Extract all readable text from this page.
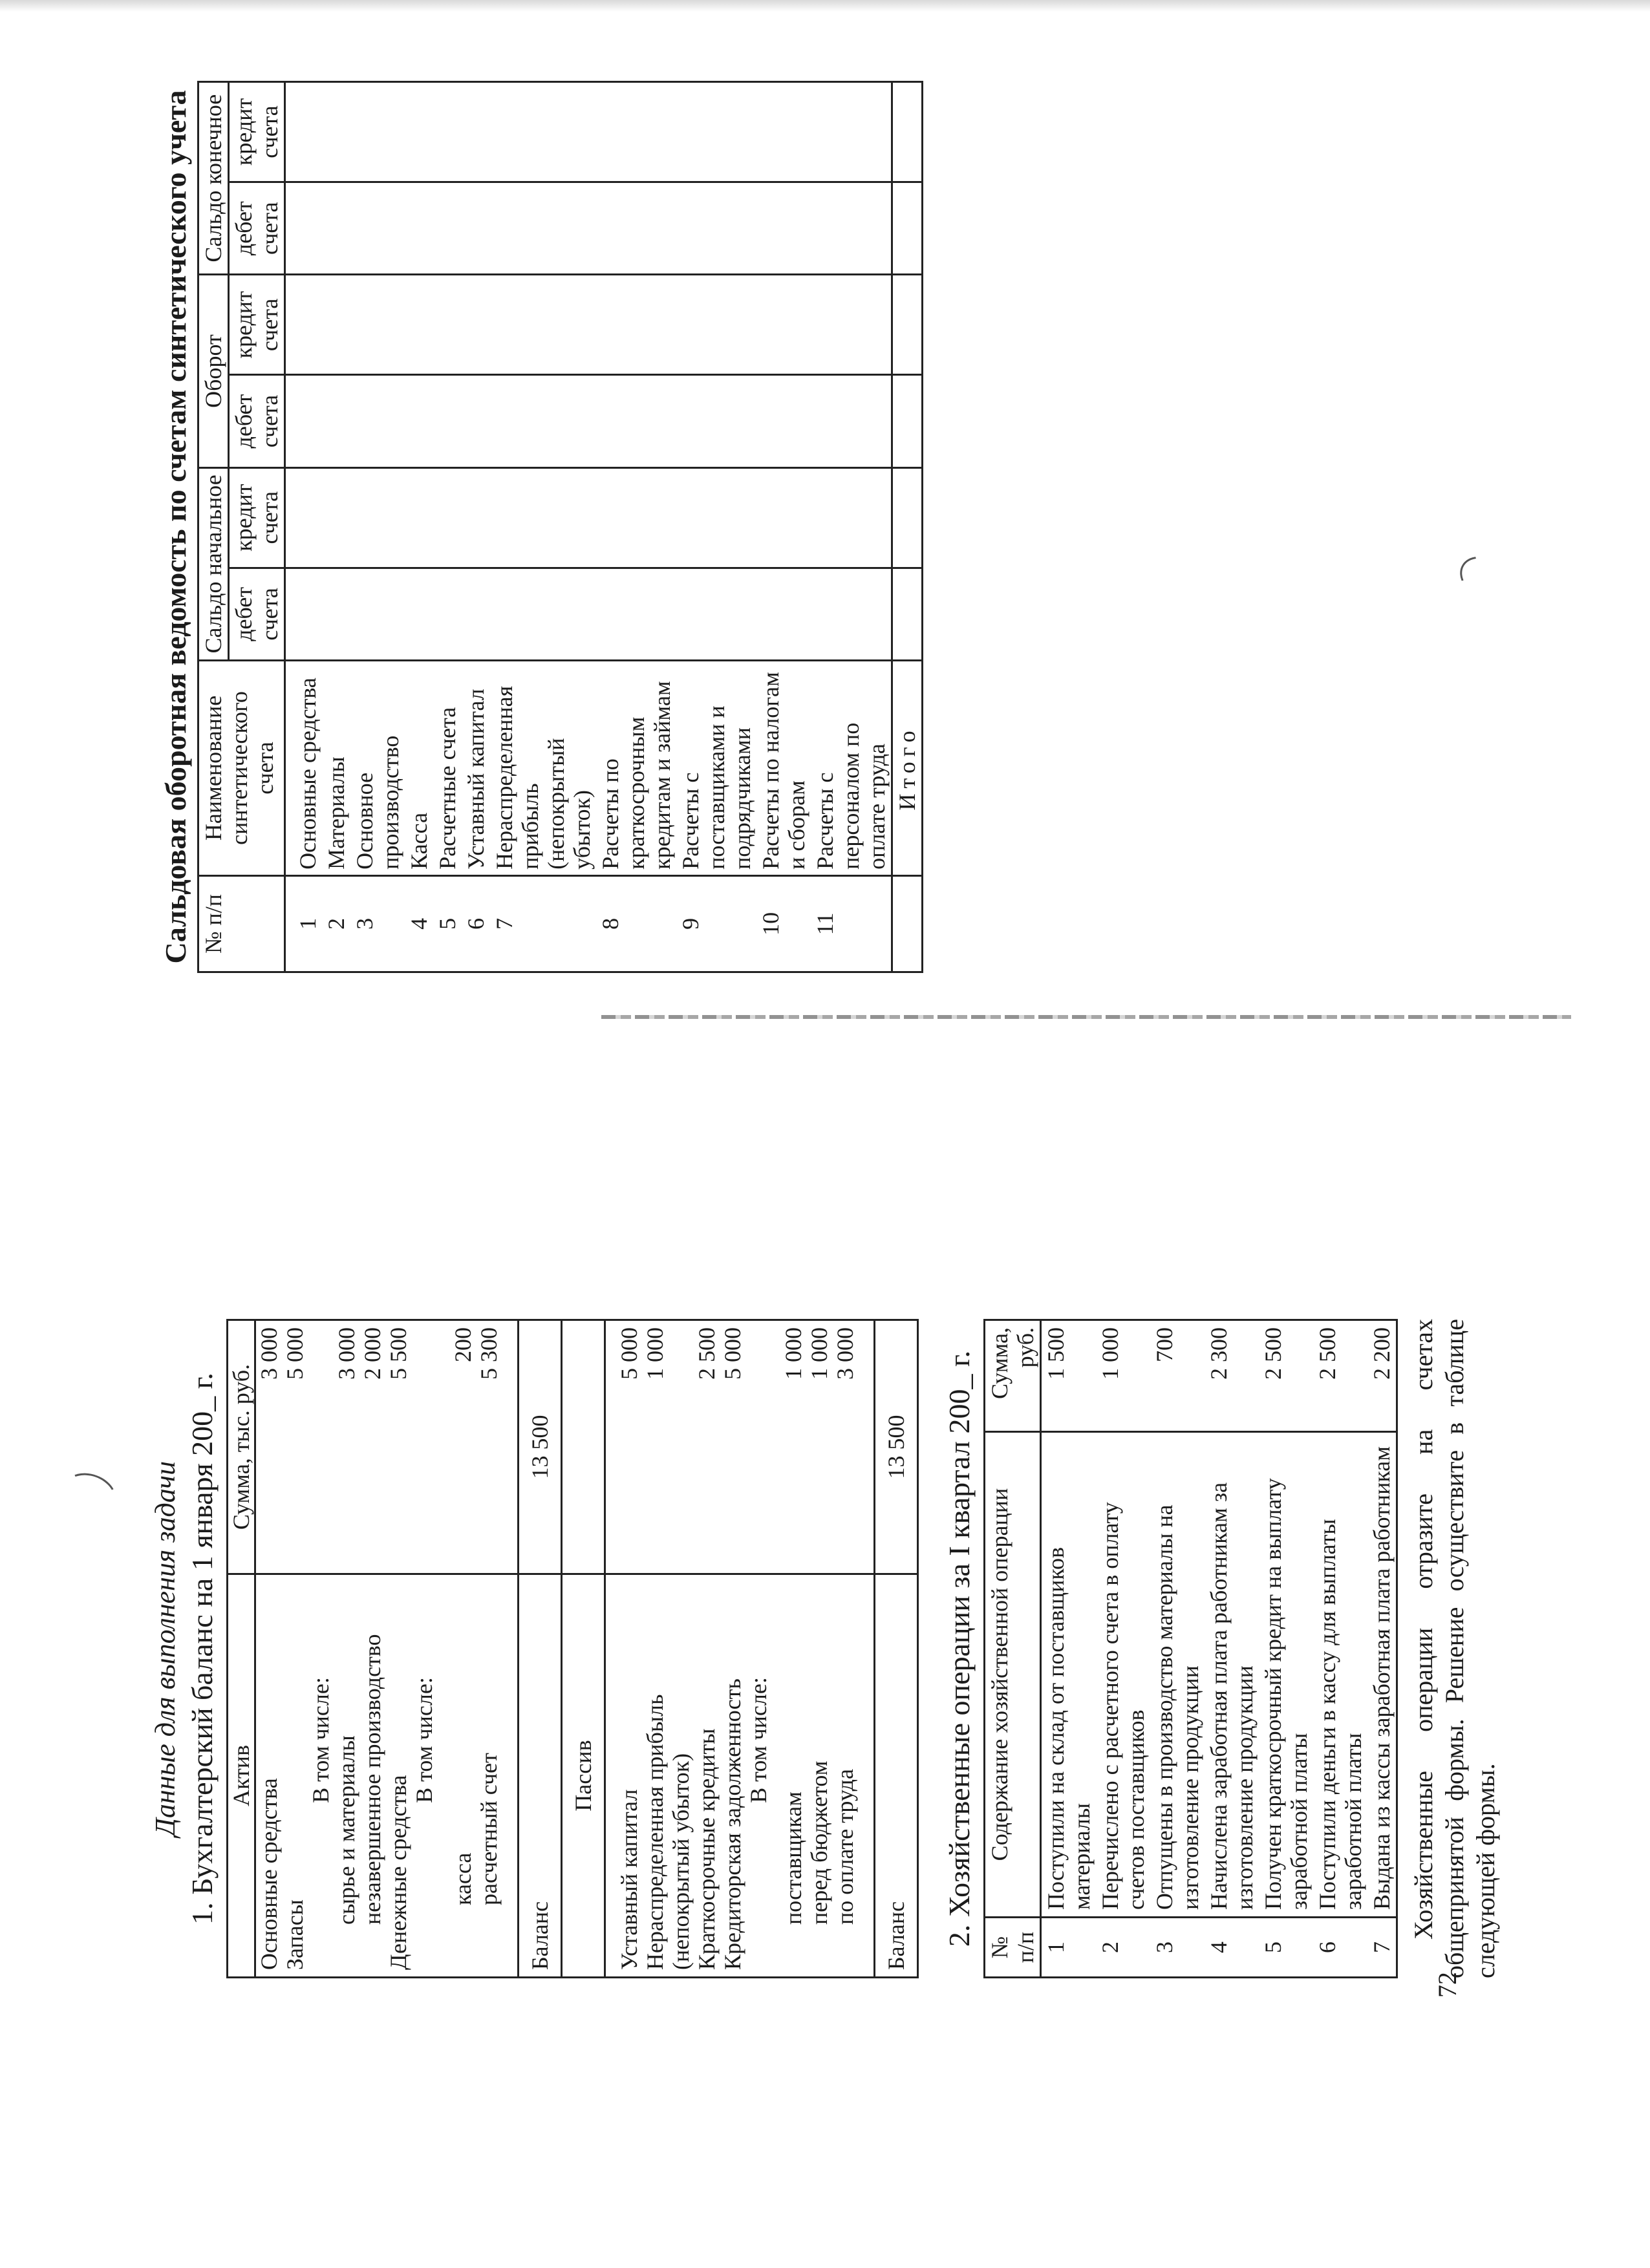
Данные для выполнения задачи 1. Бухгалтерский баланс на 1 января 200_ г. Актив	Сумма, тыс. руб.
Основные средства	3 000
Запасы	5 000
В том числе:	
сырье и материалы	3 000
незавершенное производство	2 000
Денежные средства	5 500
В том числе:	
касса	200
расчетный счет	5 300
Баланс	13 500
Пассив	
Уставный капитал	5 000
Нераспределенная прибыль (непокрытый убыток)	1 000
Краткосрочные кредиты	2 500
Кредиторская задолженность	5 000
В том числе:	
поставщикам	1 000
перед бюджетом	1 000
по оплате труда	3 000
Баланс	13 500 2. Хозяйственные операции за I квартал 200_ г.

№ п/п	Содержание хозяйственной операции	Сумма, руб.
1	Поступили на склад от поставщиков материалы	1 500
2	Перечислено с расчетного счета в оплату счетов поставщиков	1 000
3	Отпущены в производство материалы на изготовление продукции	700
4	Начислена заработная плата работникам за изготовление продукции	2 300
5	Получен краткосрочный кредит на выплату заработной платы	2 500
6	Поступили деньги в кассу для выплаты заработной платы	2 500
7	Выдана из кассы заработная плата работникам	2 200 Хозяйственные операции отразите на счетах общепринятой формы. Решение осуществите в таблице следующей формы.

Сальдовая оборотная ведомость по счетам синтетического учета № п/п	Наименование синтетического счета	Сальдо начальное		Оборот		Сальдо конечное	
		дебет счета	кредит счета	дебет счета	кредит счета	дебет счета	кредит счета
1	Основные средства						
2	Материалы						
3	Основное производство						
4	Касса						
5	Расчетные счета						
6	Уставный капитал						
7	Нераспределенная прибыль (непокрытый убыток)						
8	Расчеты по краткосрочным кредитам и займам						
9	Расчеты с поставщиками и подрядчиками						
10	Расчеты по налогам и сборам						
11	Расчеты с персоналом по оплате труда						
	Итого						
72
